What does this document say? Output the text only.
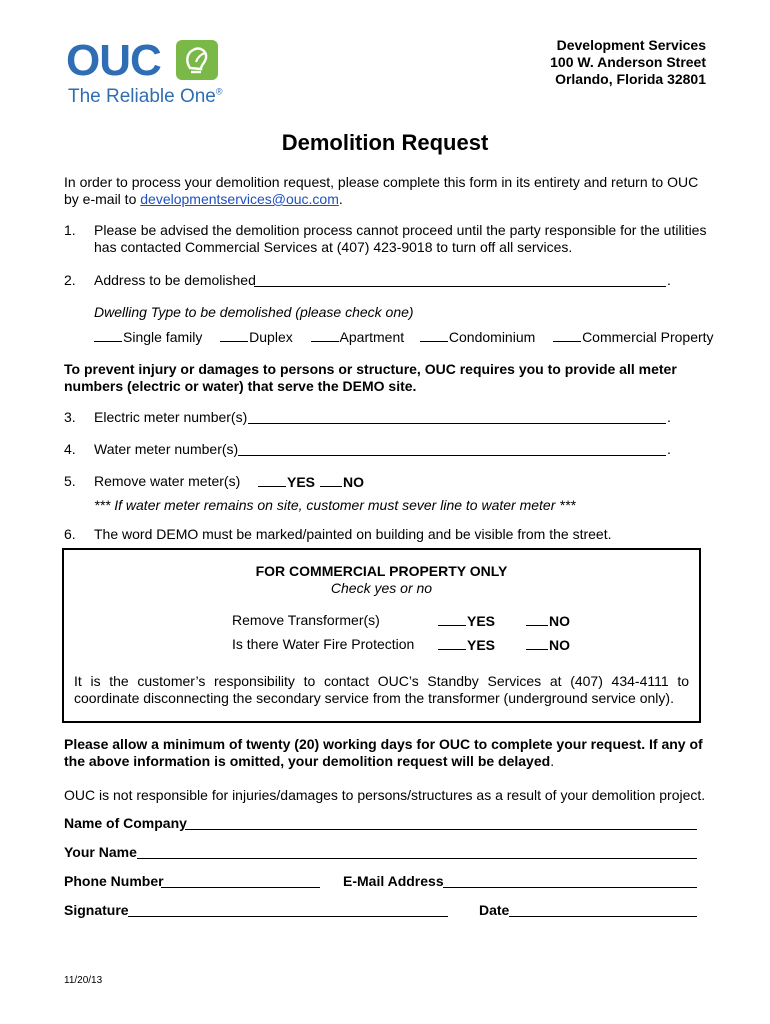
OUC
The Reliable One®
Development Services
100 W. Anderson Street
Orlando, Florida 32801
Demolition Request
In order to process your demolition request, please complete this form in its entirety and return to OUC
by e-mail to developmentservices@ouc.com.
1. Please be advised the demolition process cannot proceed until the party responsible for the utilities
has contacted Commercial Services at (407) 423-9018 to turn off all services.
2. Address to be demolished	.
Dwelling Type to be demolished (please check one)
Single family	Duplex	Apartment	Condominium	Commercial Property
To prevent injury or damages to persons or structure, OUC requires you to provide all meter
numbers (electric or water) that serve the DEMO site.
3. Electric meter number(s)	.
4. Water meter number(s)	.
5. Remove water meter(s)	YES	NO
*** If water meter remains on site, customer must sever line to water meter ***
6. The word DEMO must be marked/painted on building and be visible from the street.
FOR COMMERCIAL PROPERTY ONLY
Check yes or no
Remove Transformer(s)	YES	NO
Is there Water Fire Protection	YES	NO
It is the customer’s responsibility to contact OUC’s Standby Services at (407) 434-4111 to
coordinate disconnecting the secondary service from the transformer (underground service only).
Please allow a minimum of twenty (20) working days for OUC to complete your request. If any of
the above information is omitted, your demolition request will be delayed.
OUC is not responsible for injuries/damages to persons/structures as a result of your demolition project.
Name of Company
Your Name
Phone Number	E-Mail Address
Signature	Date
11/20/13
